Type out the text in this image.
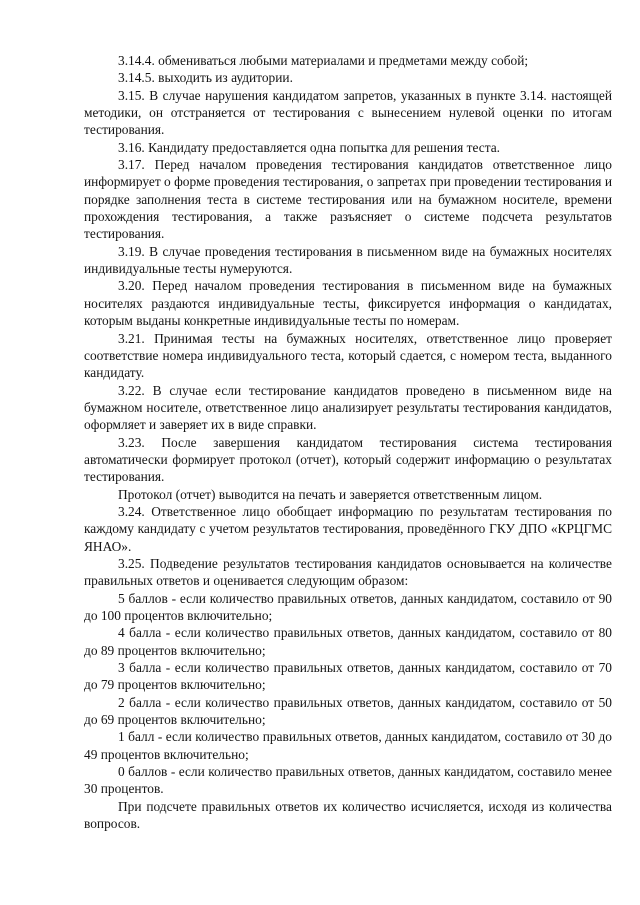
3.14.4. обмениваться любыми материалами и предметами между собой;

3.14.5. выходить из аудитории.

3.15. В случае нарушения кандидатом запретов, указанных в пункте 3.14. настоящей методики, он отстраняется от тестирования с вынесением нулевой оценки по итогам тестирования.

3.16. Кандидату предоставляется одна попытка для решения теста.

3.17. Перед началом проведения тестирования кандидатов ответственное лицо информирует о форме проведения тестирования, о запретах при проведении тестирования и порядке заполнения теста в системе тестирования или на бумажном носителе, времени прохождения тестирования, а также разъясняет о системе подсчета результатов тестирования.

3.19. В случае проведения тестирования в письменном виде на бумажных носителях индивидуальные тесты нумеруются.

3.20. Перед началом проведения тестирования в письменном виде на бумажных носителях раздаются индивидуальные тесты, фиксируется информация о кандидатах, которым выданы конкретные индивидуальные тесты по номерам.

3.21. Принимая тесты на бумажных носителях, ответственное лицо проверяет соответствие номера индивидуального теста, который сдается, с номером теста, выданного кандидату.

3.22. В случае если тестирование кандидатов проведено в письменном виде на бумажном носителе, ответственное лицо анализирует результаты тестирования кандидатов, оформляет и заверяет их в виде справки.

3.23. После завершения кандидатом тестирования система тестирования автоматически формирует протокол (отчет), который содержит информацию о результатах тестирования.

Протокол (отчет) выводится на печать и заверяется ответственным лицом.

3.24. Ответственное лицо обобщает информацию по результатам тестирования по каждому кандидату с учетом результатов тестирования, проведённого ГКУ ДПО «КРЦГМС ЯНАО».

3.25. Подведение результатов тестирования кандидатов основывается на количестве правильных ответов и оценивается следующим образом:

5 баллов - если количество правильных ответов, данных кандидатом, составило от 90 до 100 процентов включительно;

4 балла - если количество правильных ответов, данных кандидатом, составило от 80 до 89 процентов включительно;

3 балла - если количество правильных ответов, данных кандидатом, составило от 70 до 79 процентов включительно;

2 балла - если количество правильных ответов, данных кандидатом, составило от 50 до 69 процентов включительно;

1 балл - если количество правильных ответов, данных кандидатом, составило от 30 до 49 процентов включительно;

0 баллов - если количество правильных ответов, данных кандидатом, составило менее 30 процентов.

При подсчете правильных ответов их количество исчисляется, исходя из количества вопросов.
